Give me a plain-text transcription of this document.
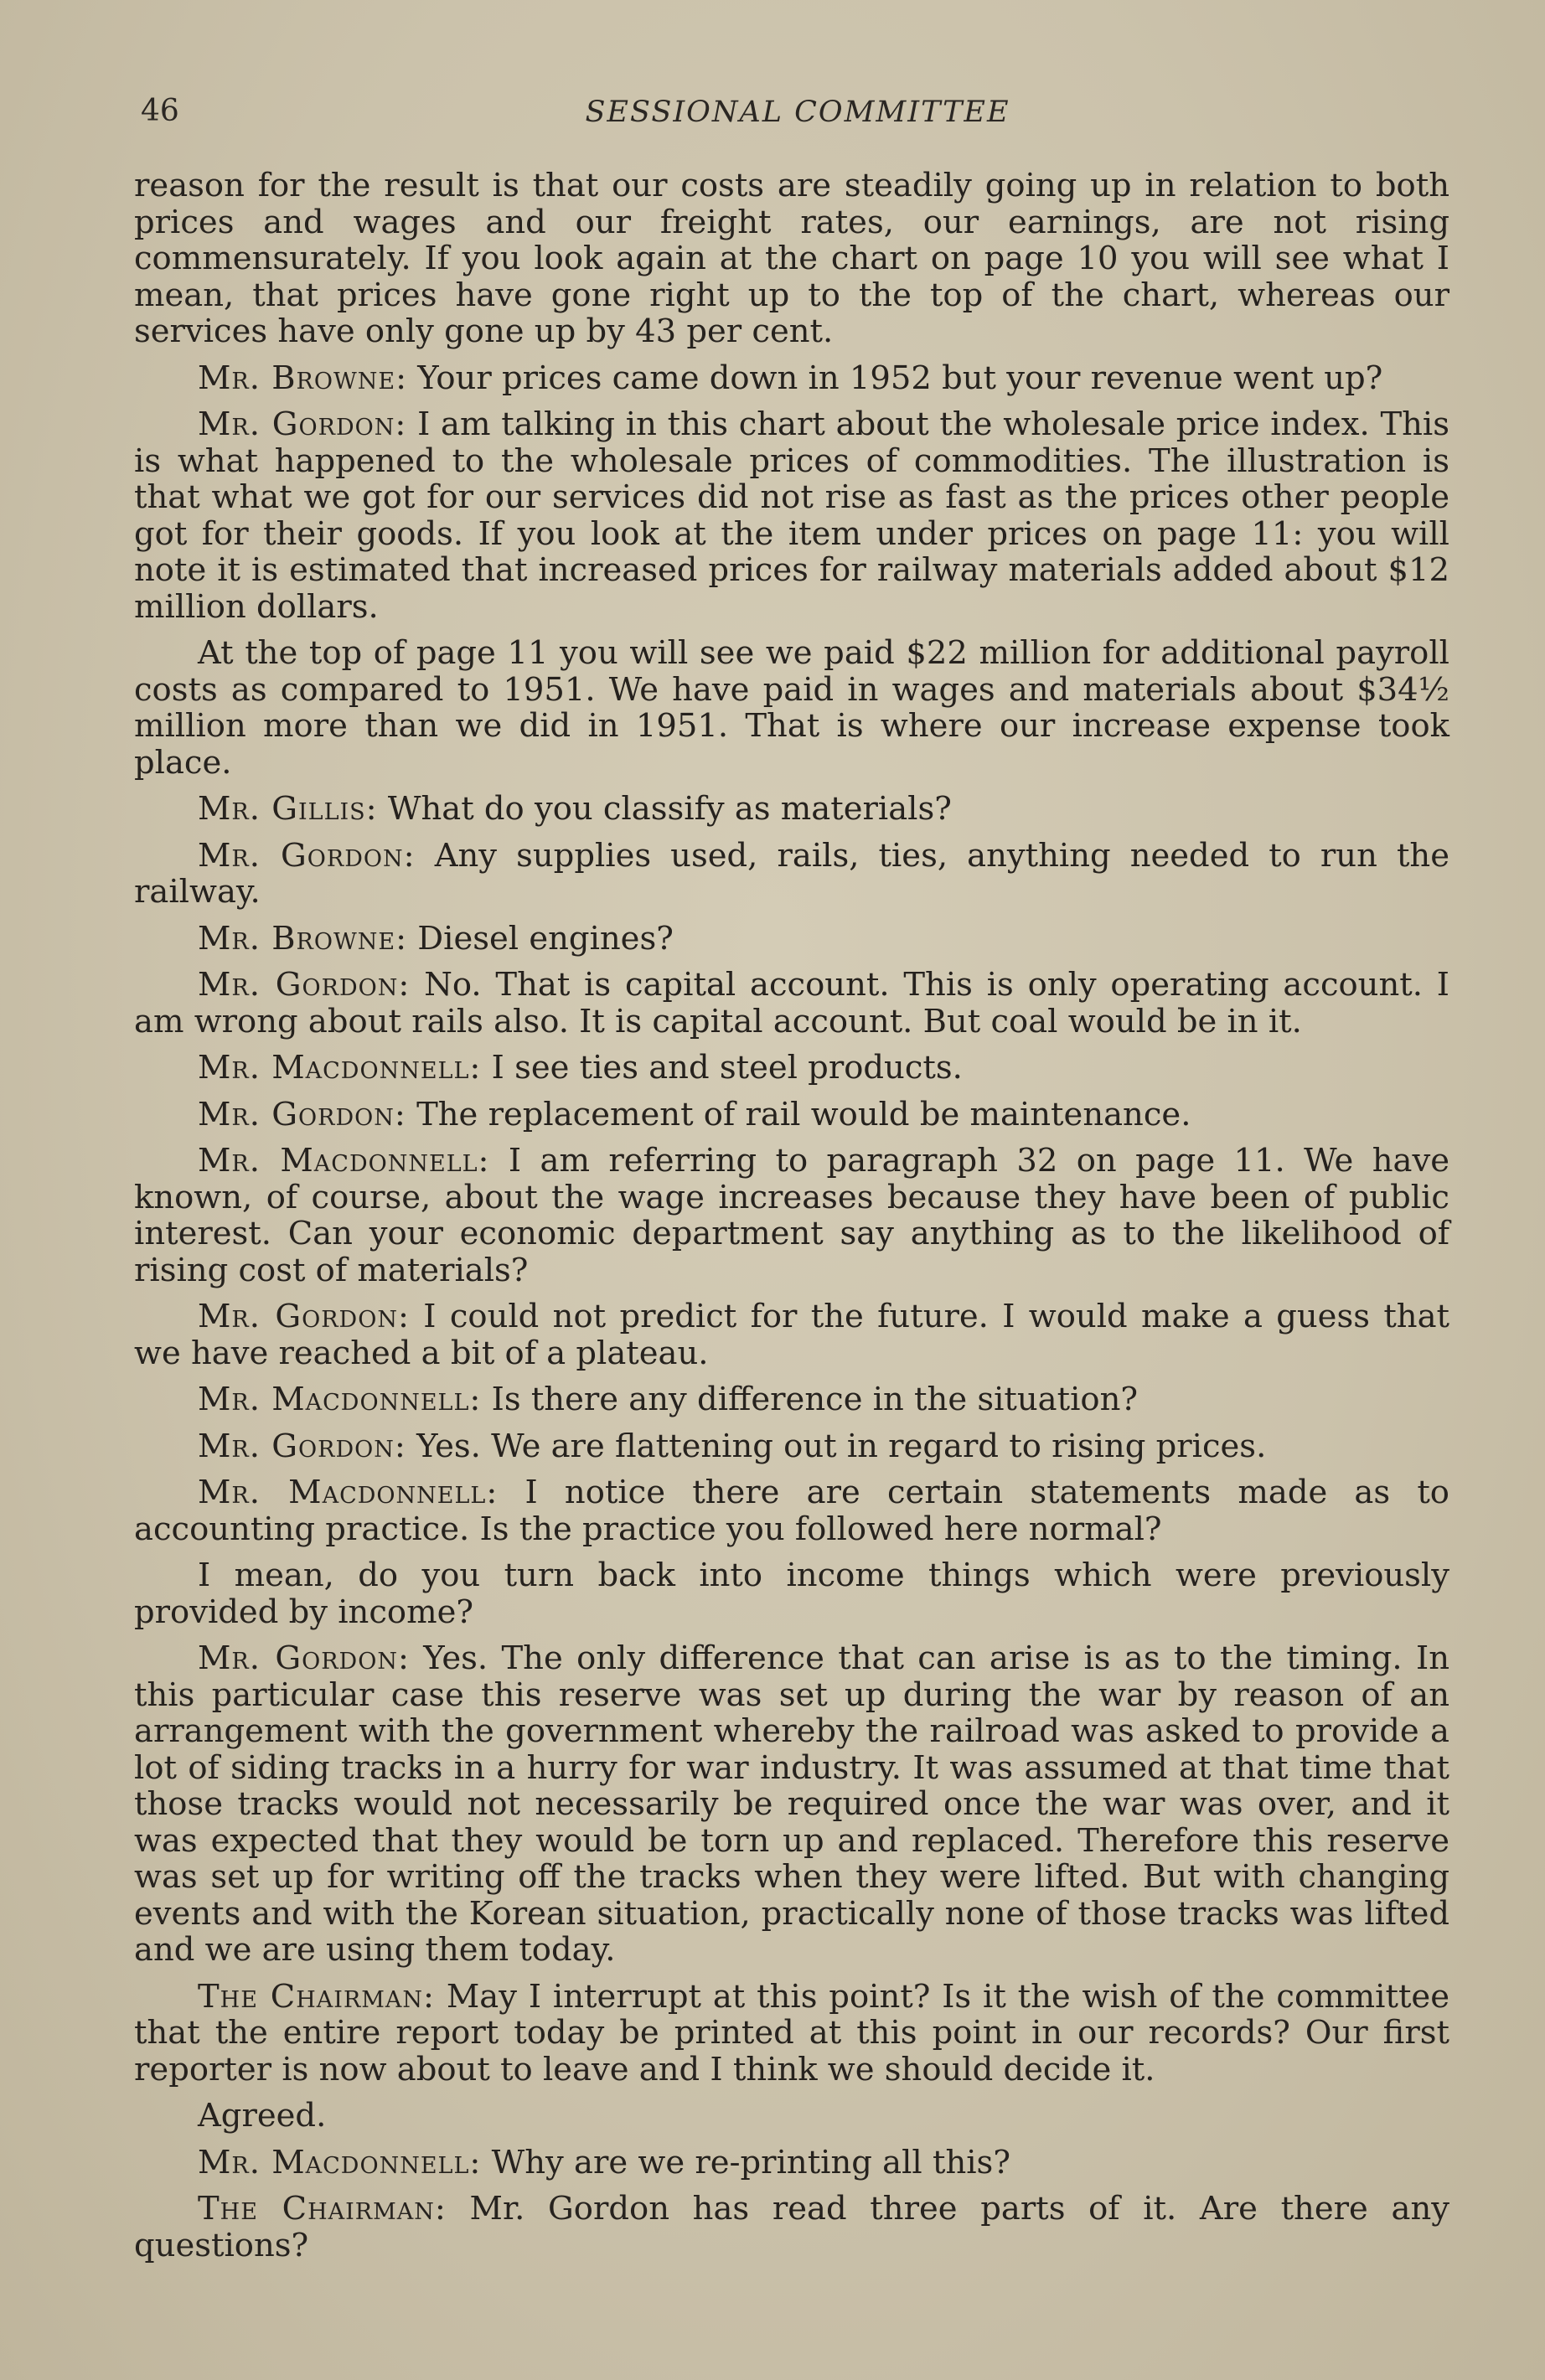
46	SESSIONAL COMMITTEE

reason for the result is that our costs are steadily going up in relation to both prices and wages and our freight rates, our earnings, are not rising commensurately. If you look again at the chart on page 10 you will see what I mean, that prices have gone right up to the top of the chart, whereas our services have only gone up by 43 per cent.

Mr. Browne: Your prices came down in 1952 but your revenue went up?

Mr. Gordon: I am talking in this chart about the wholesale price index. This is what happened to the wholesale prices of commodities. The illustration is that what we got for our services did not rise as fast as the prices other people got for their goods. If you look at the item under prices on page 11: you will note it is estimated that increased prices for railway materials added about $12 million dollars.

At the top of page 11 you will see we paid $22 million for additional payroll costs as compared to 1951. We have paid in wages and materials about $34½ million more than we did in 1951. That is where our increase expense took place.

Mr. Gillis: What do you classify as materials?

Mr. Gordon: Any supplies used, rails, ties, anything needed to run the railway.

Mr. Browne: Diesel engines?

Mr. Gordon: No. That is capital account. This is only operating account. I am wrong about rails also. It is capital account. But coal would be in it.

Mr. Macdonnell: I see ties and steel products.

Mr. Gordon: The replacement of rail would be maintenance.

Mr. Macdonnell: I am referring to paragraph 32 on page 11. We have known, of course, about the wage increases because they have been of public interest. Can your economic department say anything as to the likelihood of rising cost of materials?

Mr. Gordon: I could not predict for the future. I would make a guess that we have reached a bit of a plateau.

Mr. Macdonnell: Is there any difference in the situation?

Mr. Gordon: Yes. We are flattening out in regard to rising prices.

Mr. Macdonnell: I notice there are certain statements made as to accounting practice. Is the practice you followed here normal?

I mean, do you turn back into income things which were previously provided by income?

Mr. Gordon: Yes. The only difference that can arise is as to the timing. In this particular case this reserve was set up during the war by reason of an arrangement with the government whereby the railroad was asked to provide a lot of siding tracks in a hurry for war industry. It was assumed at that time that those tracks would not necessarily be required once the war was over, and it was expected that they would be torn up and replaced. Therefore this reserve was set up for writing off the tracks when they were lifted. But with changing events and with the Korean situation, practically none of those tracks was lifted and we are using them today.

The Chairman: May I interrupt at this point? Is it the wish of the committee that the entire report today be printed at this point in our records? Our first reporter is now about to leave and I think we should decide it.

Agreed.

Mr. Macdonnell: Why are we re-printing all this?

The Chairman: Mr. Gordon has read three parts of it. Are there any questions?
